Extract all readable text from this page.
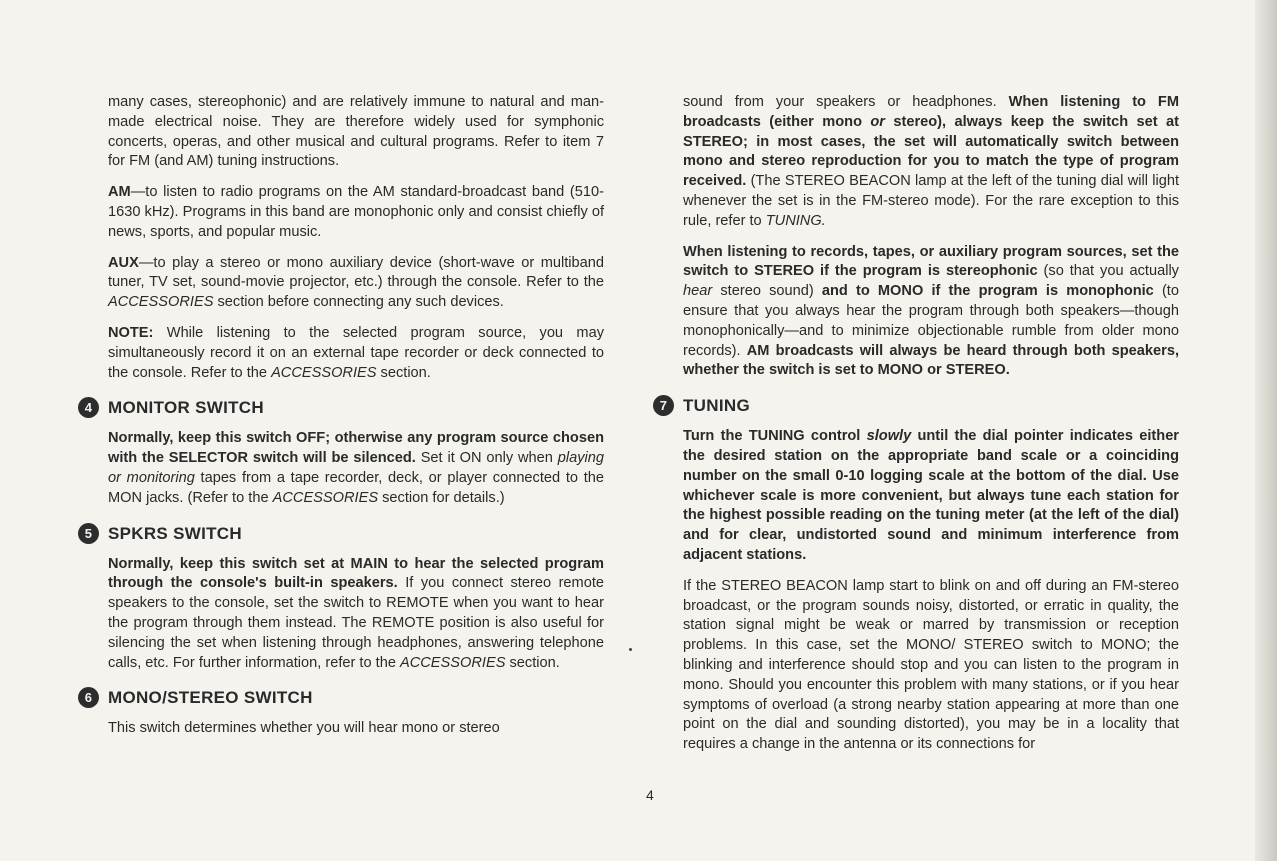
many cases, stereophonic) and are relatively immune to natural and man-made electrical noise. They are therefore widely used for symphonic concerts, operas, and other musical and cultural programs. Refer to item 7 for FM (and AM) tuning instructions.

AM—to listen to radio programs on the AM standard-broadcast band (510-1630 kHz). Programs in this band are monophonic only and consist chiefly of news, sports, and popular music.

AUX—to play a stereo or mono auxiliary device (short-wave or multiband tuner, TV set, sound-movie projector, etc.) through the console. Refer to the ACCESSORIES section before connecting any such devices.

NOTE: While listening to the selected program source, you may simultaneously record it on an external tape recorder or deck connected to the console. Refer to the ACCESSORIES section.

4 MONITOR SWITCH

Normally, keep this switch OFF; otherwise any program source chosen with the SELECTOR switch will be silenced. Set it ON only when playing or monitoring tapes from a tape recorder, deck, or player connected to the MON jacks. (Refer to the ACCESSORIES section for details.)

5 SPKRS SWITCH

Normally, keep this switch set at MAIN to hear the selected program through the console's built-in speakers. If you connect stereo remote speakers to the console, set the switch to REMOTE when you want to hear the program through them instead. The REMOTE position is also useful for silencing the set when listening through headphones, answering telephone calls, etc. For further information, refer to the ACCESSORIES section.

6 MONO/STEREO SWITCH

This switch determines whether you will hear mono or stereo

sound from your speakers or headphones. When listening to FM broadcasts (either mono or stereo), always keep the switch set at STEREO; in most cases, the set will automatically switch between mono and stereo reproduction for you to match the type of program received. (The STEREO BEACON lamp at the left of the tuning dial will light whenever the set is in the FM-stereo mode). For the rare exception to this rule, refer to TUNING.

When listening to records, tapes, or auxiliary program sources, set the switch to STEREO if the program is stereophonic (so that you actually hear stereo sound) and to MONO if the program is monophonic (to ensure that you always hear the program through both speakers—though monophonically—and to minimize objectionable rumble from older mono records). AM broadcasts will always be heard through both speakers, whether the switch is set to MONO or STEREO.

7 TUNING

Turn the TUNING control slowly until the dial pointer indicates either the desired station on the appropriate band scale or a coinciding number on the small 0-10 logging scale at the bottom of the dial. Use whichever scale is more convenient, but always tune each station for the highest possible reading on the tuning meter (at the left of the dial) and for clear, undistorted sound and minimum interference from adjacent stations.

If the STEREO BEACON lamp start to blink on and off during an FM-stereo broadcast, or the program sounds noisy, distorted, or erratic in quality, the station signal might be weak or marred by transmission or reception problems. In this case, set the MONO/ STEREO switch to MONO; the blinking and interference should stop and you can listen to the program in mono. Should you encounter this problem with many stations, or if you hear symptoms of overload (a strong nearby station appearing at more than one point on the dial and sounding distorted), you may be in a locality that requires a change in the antenna or its connections for

4
